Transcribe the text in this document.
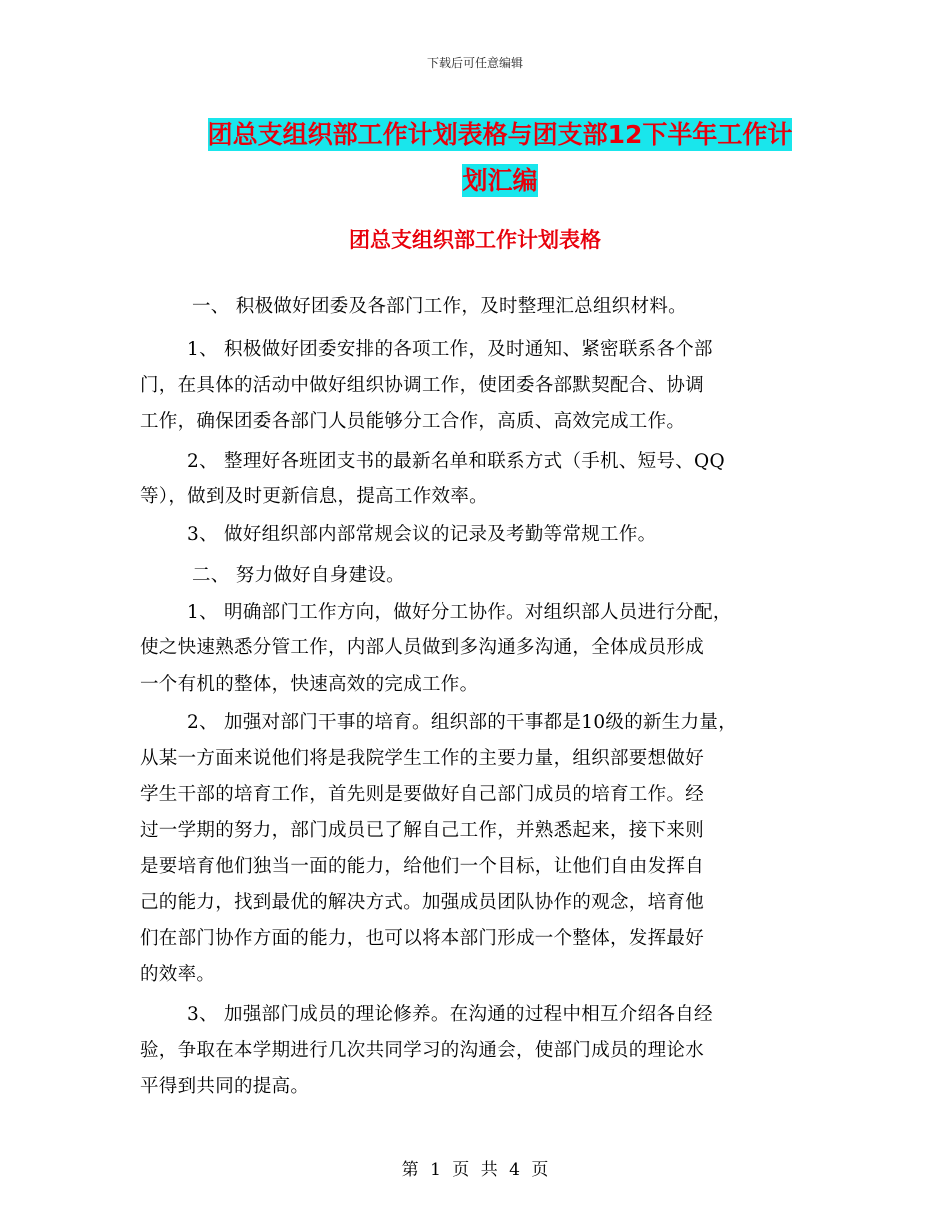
下载后可任意编辑
团总支组织部工作计划表格与团支部12下半年工作计
划汇编
团总支组织部工作计划表格
一、 积极做好团委及各部门工作，及时整理汇总组织材料。
1、 积极做好团委安排的各项工作，及时通知、紧密联系各个部
门，在具体的活动中做好组织协调工作，使团委各部默契配合、协调
工作，确保团委各部门人员能够分工合作，高质、高效完成工作。
2、 整理好各班团支书的最新名单和联系方式（手机、短号、QQ
等），做到及时更新信息，提高工作效率。
3、 做好组织部内部常规会议的记录及考勤等常规工作。
二、 努力做好自身建设。
1、 明确部门工作方向，做好分工协作。对组织部人员进行分配，
使之快速熟悉分管工作，内部人员做到多沟通多沟通，全体成员形成
一个有机的整体，快速高效的完成工作。
2、 加强对部门干事的培育。组织部的干事都是10级的新生力量，
从某一方面来说他们将是我院学生工作的主要力量，组织部要想做好
学生干部的培育工作，首先则是要做好自己部门成员的培育工作。经
过一学期的努力，部门成员已了解自己工作，并熟悉起来，接下来则
是要培育他们独当一面的能力，给他们一个目标，让他们自由发挥自
己的能力，找到最优的解决方式。加强成员团队协作的观念，培育他
们在部门协作方面的能力，也可以将本部门形成一个整体，发挥最好
的效率。
3、 加强部门成员的理论修养。在沟通的过程中相互介绍各自经
验，争取在本学期进行几次共同学习的沟通会，使部门成员的理论水
平得到共同的提高。
第 1 页 共 4 页
